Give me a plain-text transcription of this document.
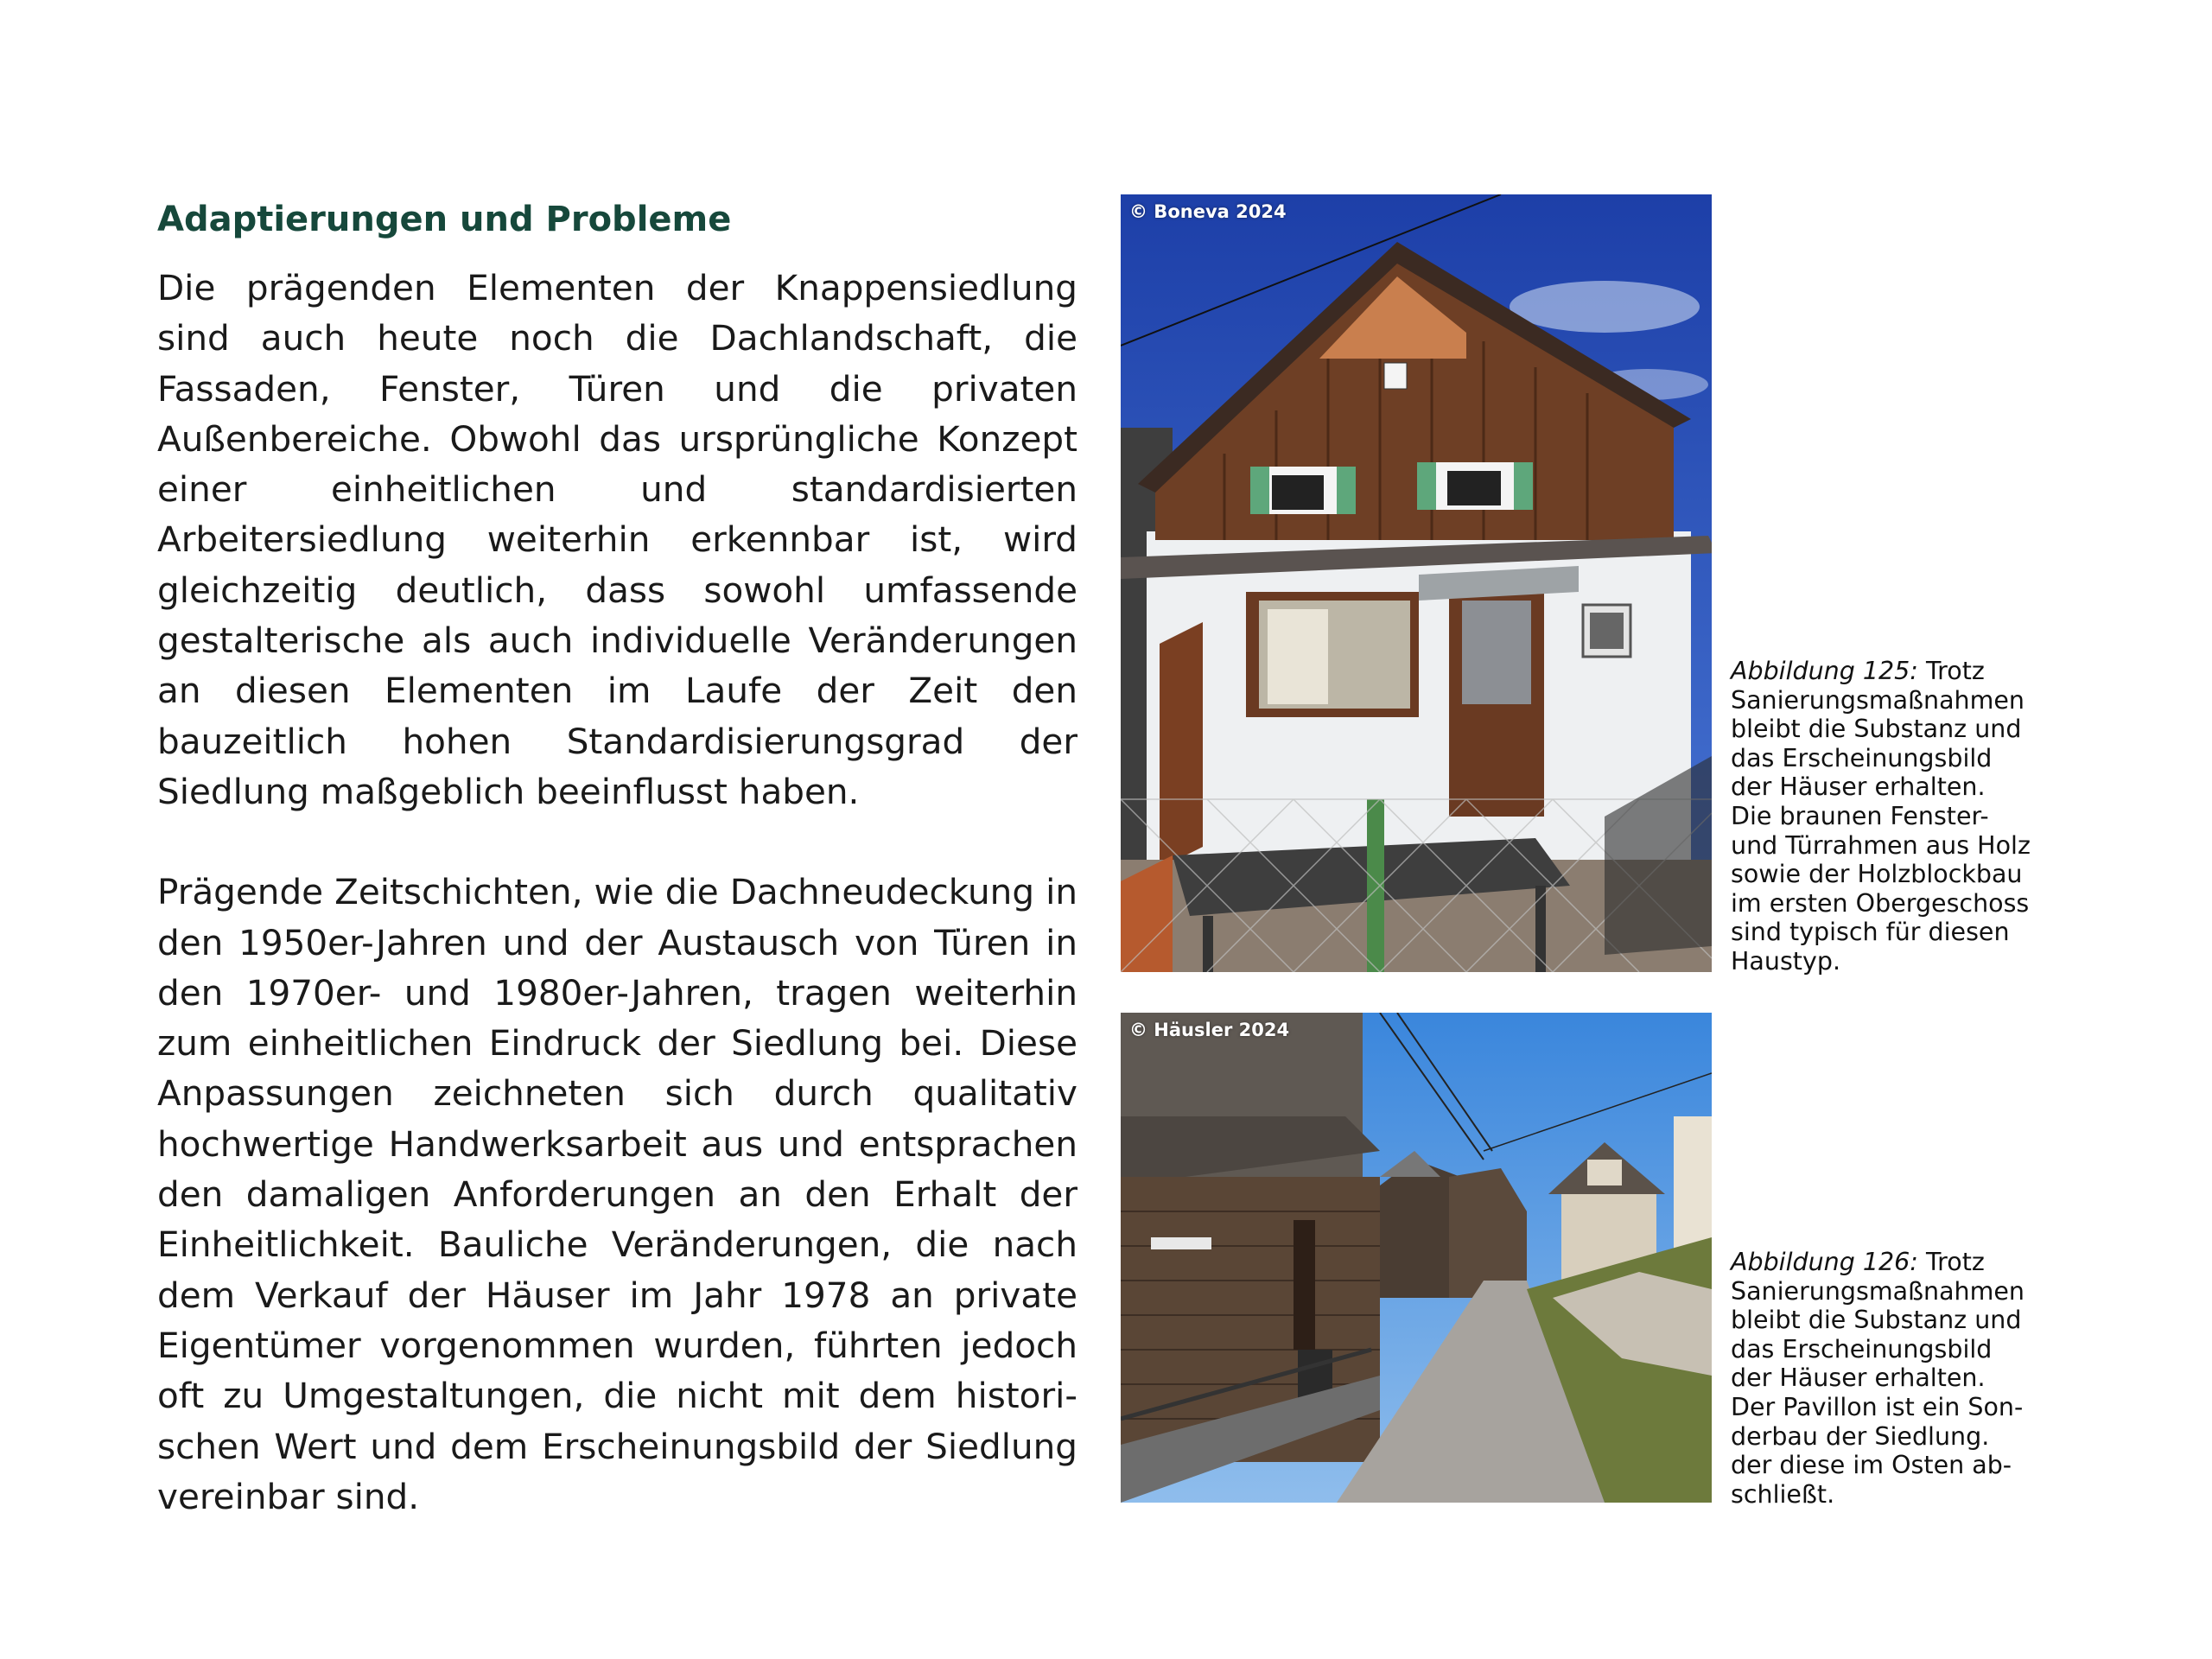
Adaptierungen und Probleme

Die prägenden Elementen der Knappensiedlung sind auch heute noch die Dachlandschaft, die Fassaden, Fenster, Türen und die privaten Außenbereiche. Obwohl das ursprüngliche Konzept einer einheitlichen und standardisierten Arbeitersiedlung weiterhin erkennbar ist, wird gleichzeitig deutlich, dass sowohl umfassende gestalterische als auch individuelle Veränderungen an diesen Elementen im Laufe der Zeit den bauzeitlich hohen Standardisierungsgrad der Siedlung maßgeblich beeinflusst haben.

Prägende Zeitschichten, wie die Dachneudeckung in den 1950er-Jahren und der Austausch von Türen in den 1970er- und 1980er-Jahren, tragen weiterhin zum einheitlichen Eindruck der Siedlung bei. Diese Anpassungen zeichneten sich durch qualitativ hochwertige Handwerksarbeit aus und entsprachen den damaligen Anforderungen an den Erhalt der Einheitlichkeit. Bauliche Veränderungen, die nach dem Verkauf der Häuser im Jahr 1978 an private Eigentümer vorgenommen wurden, führten jedoch oft zu Umgestaltungen, die nicht mit dem historischen Wert und dem Erscheinungsbild der Siedlung vereinbar sind.

© Boneva 2024

Abbildung 125: Trotz

Sanierungsmaßnahmen

bleibt die Substanz und

das Erscheinungsbild

der Häuser erhalten.

Die braunen Fenster-

und Türrahmen aus Holz

sowie der Holzblockbau

im ersten Obergeschoss

sind typisch für diesen

Haustyp.

© Häusler 2024

Abbildung 126: Trotz

Sanierungsmaßnahmen

bleibt die Substanz und

das Erscheinungsbild

der Häuser erhalten.

Der Pavillon ist ein Son-

derbau der Siedlung.

der diese im Osten ab-

schließt.
